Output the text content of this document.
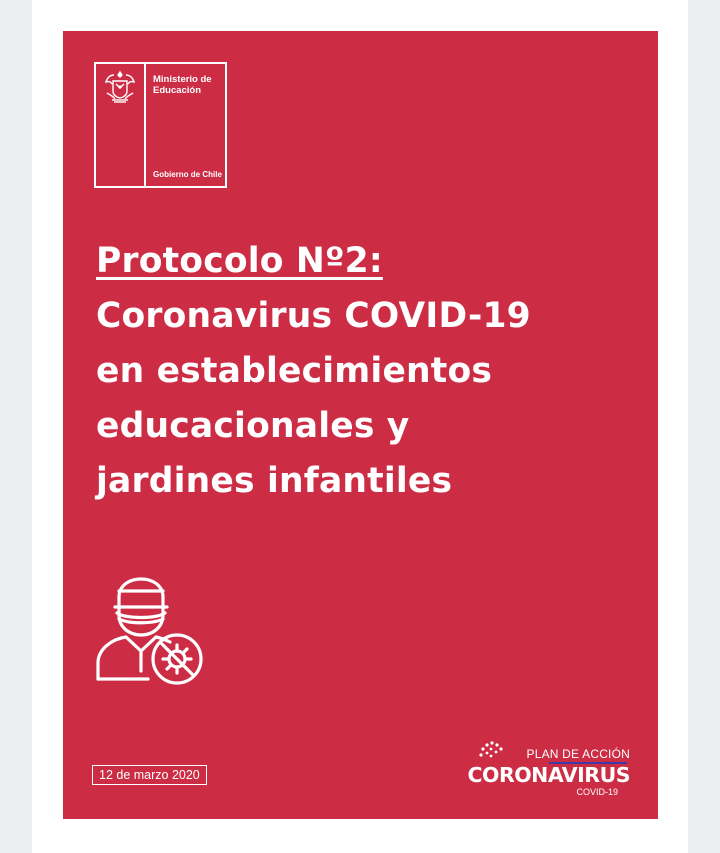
Ministerio de Educación
Gobierno de Chile
Protocolo Nº2:
Coronavirus COVID-19
en establecimientos
educacionales y
jardines infantiles
12 de marzo 2020
PLAN DE ACCIÓN
CORONAVIRUS
COVID-19
